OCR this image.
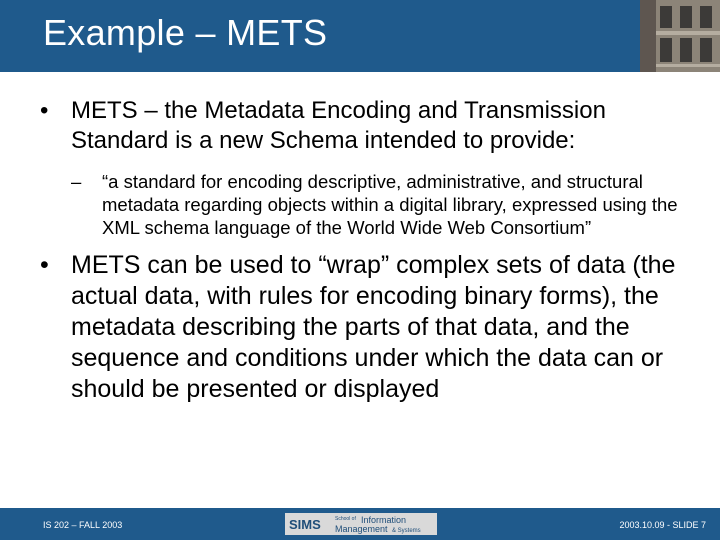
Example – METS
• METS – the Metadata Encoding and Transmission Standard is a new Schema intended to provide:
– “a standard for encoding descriptive, administrative, and structural metadata regarding objects within a digital library, expressed using the XML schema language of the World Wide Web Consortium”
• METS can be used to “wrap” complex sets of data (the actual data, with rules for encoding binary forms), the metadata describing the parts of that data, and the sequence and conditions under which the data can or should be presented or displayed
IS 202 – FALL 2003	SIMS	School of Information
Management & Systems
2003.10.09 - SLIDE 7
